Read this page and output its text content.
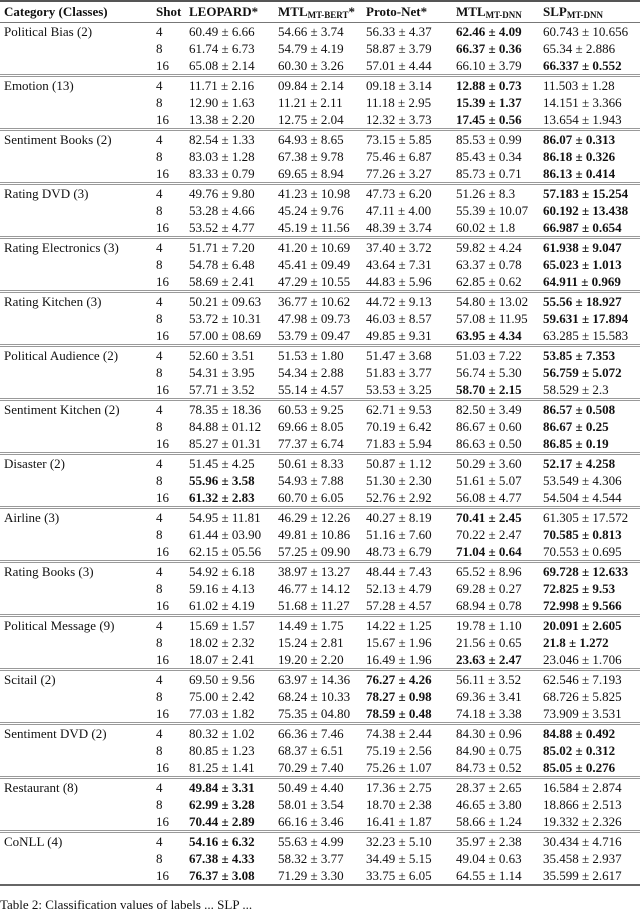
Category (Classes)	Shot LEOPARD* $MTL_{MT-BERT}*$ Proto-Net* $MTL_{MT-DNN}$ $SLP_{MT-DNN}$
Political Bias (2)	4 60.49 ± 6.66 54.66 ± 3.74 56.33 ± 4.37 62.46 ± 4.09 60.743 ± 10.656
8 61.74 ± 6.73 54.79 ± 4.19 58.87 ± 3.79 66.37 ± 0.36 65.34 ± 2.886
16 65.08 ± 2.14 60.30 ± 3.26 57.01 ± 4.44 66.10 ± 3.79 66.337 ± 0.552
Emotion (13)	4 11.71 ± 2.16 09.84 ± 2.14 09.18 ± 3.14 12.88 ± 0.73 11.503 ± 1.28
8 12.90 ± 1.63 11.21 ± 2.11 11.18 ± 2.95 15.39 ± 1.37 14.151 ± 3.366
16 13.38 ± 2.20 12.75 ± 2.04 12.32 ± 3.73 17.45 ± 0.56 13.654 ± 1.943
Sentiment Books (2)	4 82.54 ± 1.33 64.93 ± 8.65 73.15 ± 5.85 85.53 ± 0.99 86.07 ± 0.313
8 83.03 ± 1.28 67.38 ± 9.78 75.46 ± 6.87 85.43 ± 0.34 86.18 ± 0.326
16 83.33 ± 0.79 69.65 ± 8.94 77.26 ± 3.27 85.73 ± 0.71 86.13 ± 0.414
Rating DVD (3)	4 49.76 ± 9.80 41.23 ± 10.98 47.73 ± 6.20 51.26 ± 8.3 57.183 ± 15.254
8 53.28 ± 4.66 45.24 ± 9.76 47.11 ± 4.00 55.39 ± 10.07 60.192 ± 13.438
16 53.52 ± 4.77 45.19 ± 11.56 48.39 ± 3.74 60.02 ± 1.8 66.987 ± 0.654
Rating Electronics (3)	4 51.71 ± 7.20 41.20 ± 10.69 37.40 ± 3.72 59.82 ± 4.24 61.938 ± 9.047
8 54.78 ± 6.48 45.41 ± 09.49 43.64 ± 7.31 63.37 ± 0.78 65.023 ± 1.013
16 58.69 ± 2.41 47.29 ± 10.55 44.83 ± 5.96 62.85 ± 0.62 64.911 ± 0.969
Rating Kitchen (3)	4 50.21 ± 09.63 36.77 ± 10.62 44.72 ± 9.13 54.80 ± 13.02 55.56 ± 18.927
8 53.72 ± 10.31 47.98 ± 09.73 46.03 ± 8.57 57.08 ± 11.95 59.631 ± 17.894
16 57.00 ± 08.69 53.79 ± 09.47 49.85 ± 9.31 63.95 ± 4.34 63.285 ± 15.583
Political Audience (2)	4 52.60 ± 3.51 51.53 ± 1.80 51.47 ± 3.68 51.03 ± 7.22 53.85 ± 7.353
8 54.31 ± 3.95 54.34 ± 2.88 51.83 ± 3.77 56.74 ± 5.30 56.759 ± 5.072
16 57.71 ± 3.52 55.14 ± 4.57 53.53 ± 3.25 58.70 ± 2.15 58.529 ± 2.3
Sentiment Kitchen (2)	4 78.35 ± 18.36 60.53 ± 9.25 62.71 ± 9.53 82.50 ± 3.49 86.57 ± 0.508
8 84.88 ± 01.12 69.66 ± 8.05 70.19 ± 6.42 86.67 ± 0.60 86.67 ± 0.25
16 85.27 ± 01.31 77.37 ± 6.74 71.83 ± 5.94 86.63 ± 0.50 86.85 ± 0.19
Disaster (2)	4 51.45 ± 4.25 50.61 ± 8.33 50.87 ± 1.12 50.29 ± 3.60 52.17 ± 4.258
8 55.96 ± 3.58 54.93 ± 7.88 51.30 ± 2.30 51.61 ± 5.07 53.549 ± 4.306
16 61.32 ± 2.83 60.70 ± 6.05 52.76 ± 2.92 56.08 ± 4.77 54.504 ± 4.544
Airline (3)	4 54.95 ± 11.81 46.29 ± 12.26 40.27 ± 8.19 70.41 ± 2.45 61.305 ± 17.572
8 61.44 ± 03.90 49.81 ± 10.86 51.16 ± 7.60 70.22 ± 2.47 70.585 ± 0.813
16 62.15 ± 05.56 57.25 ± 09.90 48.73 ± 6.79 71.04 ± 0.64 70.553 ± 0.695
Rating Books (3)	4 54.92 ± 6.18 38.97 ± 13.27 48.44 ± 7.43 65.52 ± 8.96 69.728 ± 12.633
8 59.16 ± 4.13 46.77 ± 14.12 52.13 ± 4.79 69.28 ± 0.27 72.825 ± 9.53
16 61.02 ± 4.19 51.68 ± 11.27 57.28 ± 4.57 68.94 ± 0.78 72.998 ± 9.566
Political Message (9)	4 15.69 ± 1.57 14.49 ± 1.75 14.22 ± 1.25 19.78 ± 1.10 20.091 ± 2.605
8 18.02 ± 2.32 15.24 ± 2.81 15.67 ± 1.96 21.56 ± 0.65 21.8 ± 1.272
16 18.07 ± 2.41 19.20 ± 2.20 16.49 ± 1.96 23.63 ± 2.47 23.046 ± 1.706
Scitail (2)	4 69.50 ± 9.56 63.97 ± 14.36 76.27 ± 4.26 56.11 ± 3.52 62.546 ± 7.193
8 75.00 ± 2.42 68.24 ± 10.33 78.27 ± 0.98 69.36 ± 3.41 68.726 ± 5.825
16 77.03 ± 1.82 75.35 ± 04.80 78.59 ± 0.48 74.18 ± 3.38 73.909 ± 3.531
Sentiment DVD (2)	4 80.32 ± 1.02 66.36 ± 7.46 74.38 ± 2.44 84.30 ± 0.96 84.88 ± 0.492
8 80.85 ± 1.23 68.37 ± 6.51 75.19 ± 2.56 84.90 ± 0.75 85.02 ± 0.312
16 81.25 ± 1.41 70.29 ± 7.40 75.26 ± 1.07 84.73 ± 0.52 85.05 ± 0.276
Restaurant (8)	4 49.84 ± 3.31 50.49 ± 4.40 17.36 ± 2.75 28.37 ± 2.65 16.584 ± 2.874
8 62.99 ± 3.28 58.01 ± 3.54 18.70 ± 2.38 46.65 ± 3.80 18.866 ± 2.513
16 70.44 ± 2.89 66.16 ± 3.46 16.41 ± 1.87 58.66 ± 1.24 19.332 ± 2.326
CoNLL (4)	4 54.16 ± 6.32 55.63 ± 4.99 32.23 ± 5.10 35.97 ± 2.38 30.434 ± 4.716
8 67.38 ± 4.33 58.32 ± 3.77 34.49 ± 5.15 49.04 ± 0.63 35.458 ± 2.937
16 76.37 ± 3.08 71.29 ± 3.30 33.75 ± 6.05 64.55 ± 1.14 35.599 ± 2.617
Table 2: Classification values of labels ... SLP ...
